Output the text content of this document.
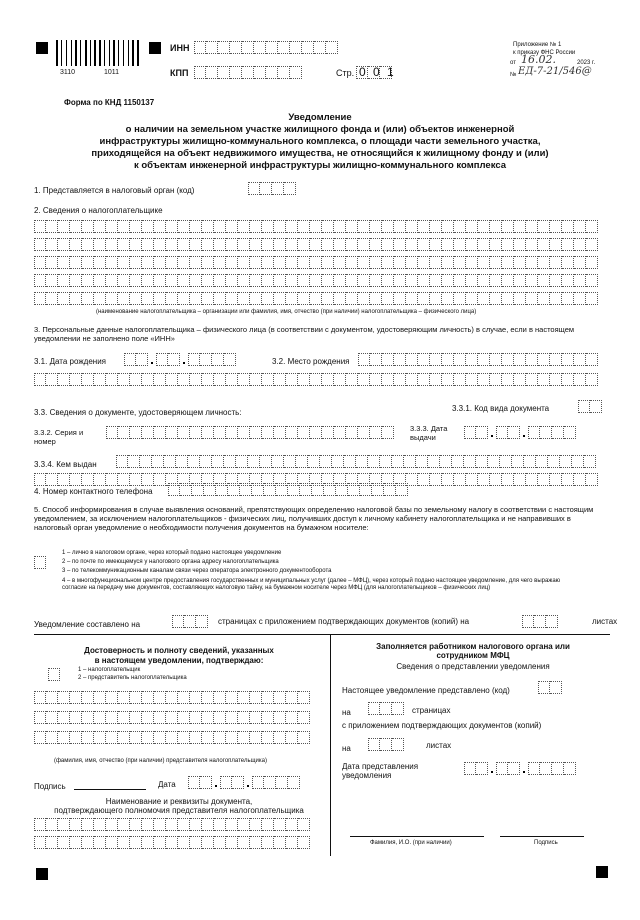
3110	1011
ИНН
КПП	Стр. 0 0 1
Приложение № 1
к приказу ФНС России
от 16.02.	2023 г.
№ ЕД-7-21/546@
Форма по КНД 1150137
Уведомление
о наличии на земельном участке жилищного фонда и (или) объектов инженерной
инфраструктуры жилищно-коммунального комплекса, о площади части земельного участка,
приходящейся на объект недвижимого имущества, не относящийся к жилищному фонду и (или)
к объектам инженерной инфраструктуры жилищно-коммунального комплекса
1. Представляется в налоговый орган (код)
2. Сведения о налогоплательщике
(наименование налогоплательщика – организации или фамилия, имя, отчество (при наличии) налогоплательщика – физического лица)
3. Персональные данные налогоплательщика – физического лица (в соответствии с документом, удостоверяющим личность) в случае, если в настоящем уведомлении не заполнено поле «ИНН»
3.1. Дата рождения	3.2. Место рождения
3.3. Сведения о документе, удостоверяющем личность:	3.3.1. Код вида документа
3.3.2. Серия и номер
3.3.3. Дата выдачи
3.3.4. Кем выдан
4. Номер контактного телефона
5. Способ информирования в случае выявления оснований, препятствующих определению налоговой базы по земельному налогу в соответствии с настоящим уведомлением, за исключением налогоплательщиков - физических лиц, получивших доступ к личному кабинету налогоплательщика и не направивших в налоговый орган уведомление о необходимости получения документов на бумажном носителе:
1 – лично в налоговом органе, через который подано настоящее уведомление
2 – по почте по имеющемуся у налогового органа адресу налогоплательщика
3 – по телекоммуникационным каналам связи через оператора электронного документооборота
4 – в многофункциональном центре предоставления государственных и муниципальных услуг (далее – МФЦ), через который подано настоящее уведомление, для чего выражаю согласие на передачу мне документов, составляющих налоговую тайну, на бумажном носителе через МФЦ (для налогоплательщиков – физических лиц)
Уведомление составлено на	страницах с приложением подтверждающих документов (копий) на	листах
Достоверность и полноту сведений, указанных
в настоящем уведомлении, подтверждаю:
1 – налогоплательщик
2 – представитель налогоплательщика
(фамилия, имя, отчество (при наличии) представителя налогоплательщика)
Подпись	Дата
Наименование и реквизиты документа,
подтверждающего полномочия представителя налогоплательщика
Заполняется работником налогового органа или
сотрудником МФЦ
Сведения о представлении уведомления
Настоящее уведомление представлено (код)
на	страницах
с приложением подтверждающих документов (копий)
на	листах
Дата представления
уведомления
Фамилия, И.О. (при наличии)	Подпись
